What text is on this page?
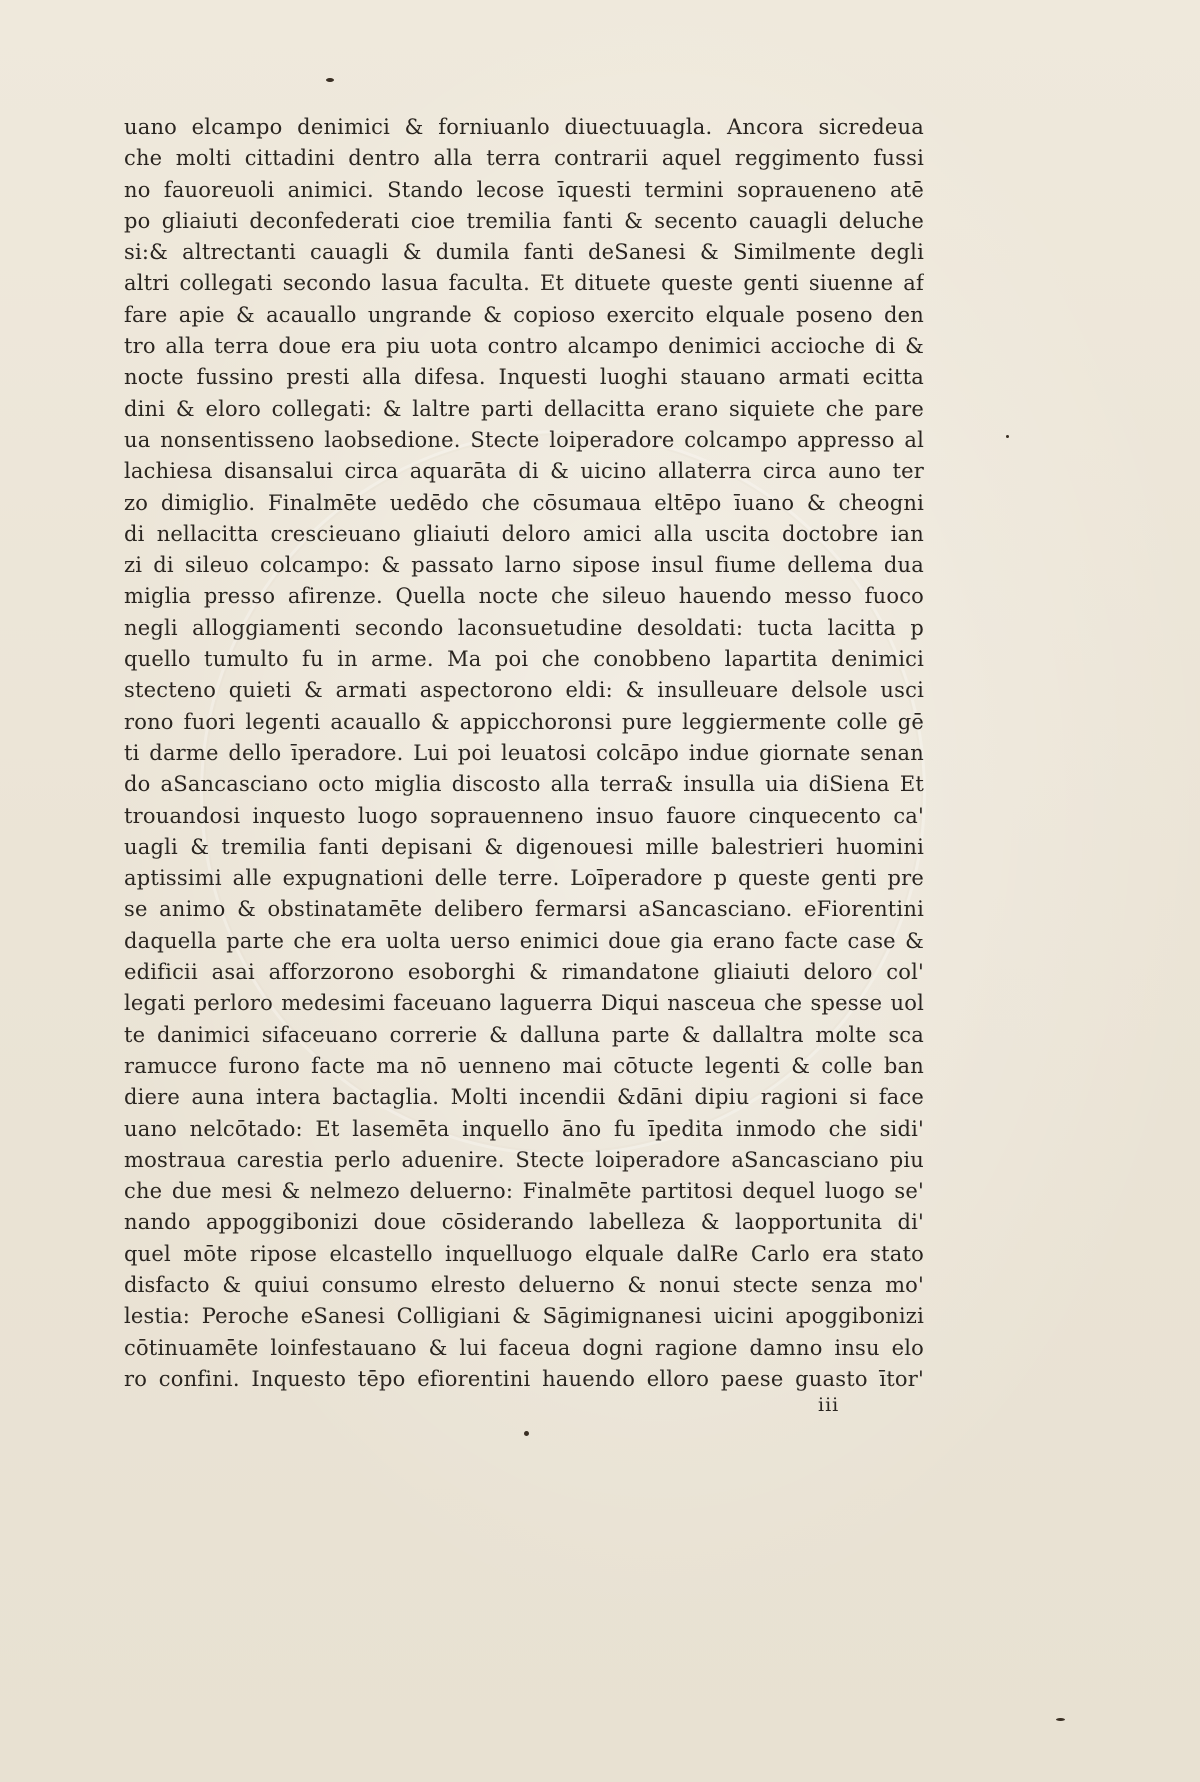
uano elcampo denimici & forniuanlo diuectuuagla. Ancora sicredeua
che molti cittadini dentro alla terra contrarii aquel reggimento fussi
no fauoreuoli animici. Stando lecose īquesti termini sopraueneno atē
po gliaiuti deconfederati cioe tremilia fanti & secento cauagli deluche
si:& altrectanti cauagli & dumila fanti deSanesi & Similmente degli
altri collegati secondo lasua faculta. Et dituete queste genti siuenne af
fare apie & acauallo ungrande & copioso exercito elquale poseno den
tro alla terra doue era piu uota contro alcampo denimici accioche di &
nocte fussino presti alla difesa. Inquesti luoghi stauano armati ecitta
dini & eloro collegati: & laltre parti dellacitta erano siquiete che pare
ua nonsentisseno laobsedione. Stecte loiperadore colcampo appresso al
lachiesa disansalui circa aquarāta di & uicino allaterra circa auno ter
zo dimiglio. Finalmēte uedēdo che cōsumaua eltēpo īuano & cheogni
di nellacitta crescieuano gliaiuti deloro amici alla uscita doctobre ian
zi di sileuo colcampo: & passato larno siposе insul fiume dellema dua
miglia presso afirenze. Quella nocte che sileuo hauendo messo fuoco
negli alloggiamenti secondo laconsuetudine desoldati: tucta lacitta p
quello tumulto fu in arme. Ma poi che conobbeno lapartita denimici
stecteno quieti & armati aspectorono eldi: & insulleuare delsole usci
rono fuori legenti acauallo & appicchoronsi pure leggiermente colle gē
ti darme dello īperadore. Lui poi leuatosi colcāpo indue giornate senan
do aSancasciano octo miglia discosto alla terra& insulla uia diSiena Et
trouandosi inquesto luogo soprauenneno insuo fauore cinquecento ca'
uagli & tremilia fanti depisani & digenouesi mille balestrieri huomini
aptissimi alle expugnationi delle terre. Loīperadore p queste genti pre
se animo & obstinatamēte delibero fermarsi aSancasciano. eFiorentini
daquella parte che era uolta uerso enimici doue gia erano facte case &
edificii asai afforzorono esoborghi & rimandatone gliaiuti deloro col'
legati perloro medesimi faceuano laguerra Diqui nasceua che spesse uol
te danimici sifaceuano correrie & dalluna parte & dallaltra molte sca
ramucce furono facte ma nō uenneno mai cōtucte legenti & colle ban
diere auna intera bactaglia. Molti incendii &dāni dipiu ragioni si face
uano nelcōtado: Et lasemēta inquello āno fu īpedita inmodo che sidi'
mostraua carestia perlo aduenire. Stecte loiperadore aSancasciano piu
che due mesi & nelmezo deluerno: Finalmēte partitosi dequel luogo se'
nando appoggibonizi doue cōsiderando labelleza & laopportunita di'
quel mōte ripose elcastello inquelluogo elquale dalRe Carlo era stato
disfacto & quiui consumo elresto deluerno & nonui stecte senza mo'
lestia: Peroche eSanesi Colligiani & Sāgimignanesi uicini apoggibonizi
cōtinuamēte loinfestauano & lui faceua dogni ragione damno insu elo
ro confini. Inquesto tēpo efiorentini hauendo elloro paese guasto ītor'
iii
